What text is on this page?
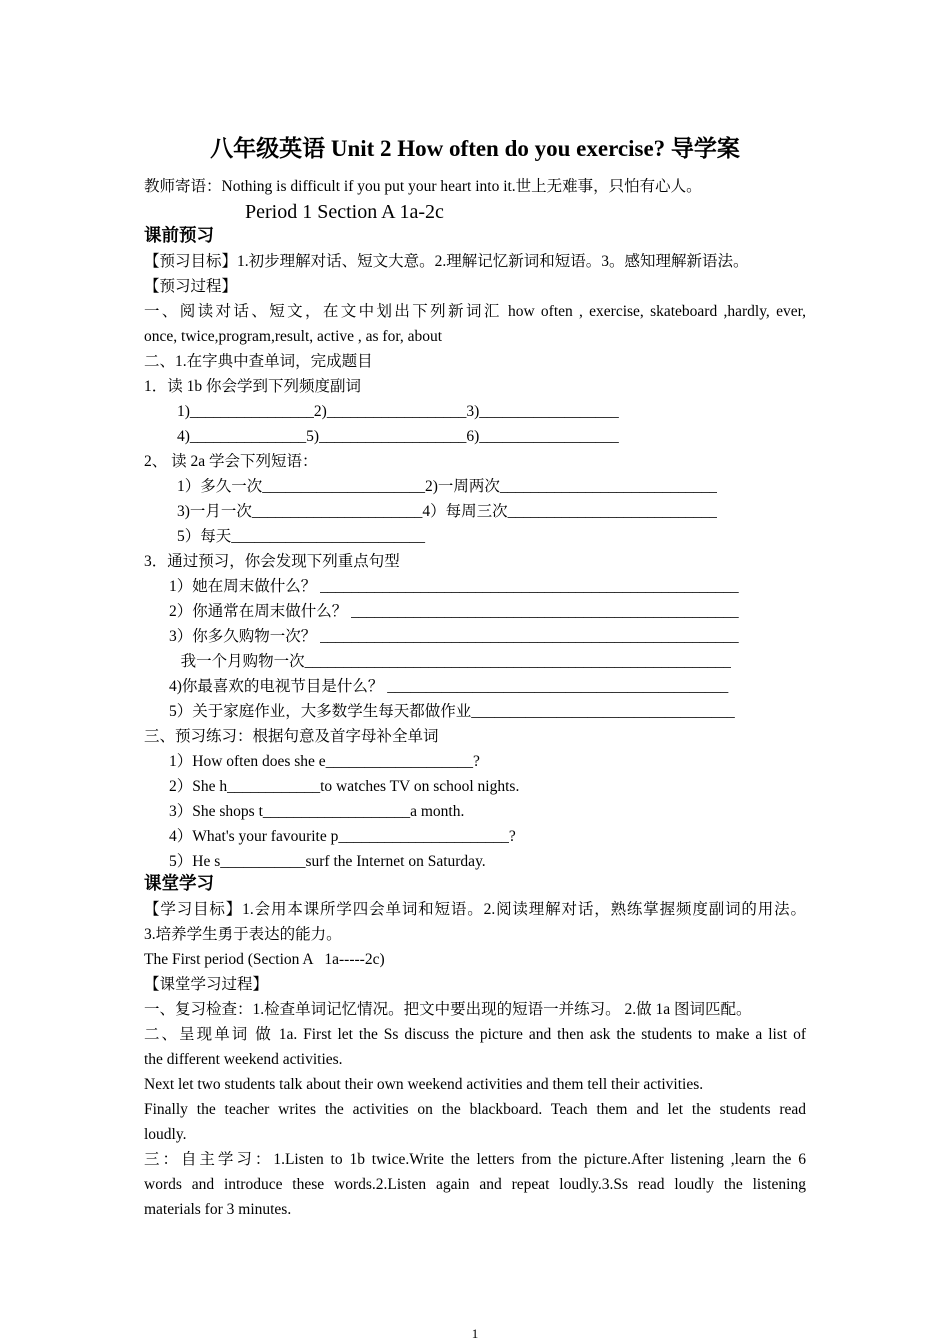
八年级英语 Unit 2 How often do you exercise? 导学案
教师寄语：Nothing is difficult if you put your heart into it.世上无难事，只怕有心人。
Period 1 Section A 1a-2c
课前预习
【预习目标】1.初步理解对话、短文大意。2.理解记忆新词和短语。3。感知理解新语法。
【预习过程】
一、阅读对话、短文，在文中划出下列新词汇 how often , exercise, skateboard ,hardly, ever,
once, twice,program,result, active , as for, about
二、1.在字典中查单词，完成题目
1．读 1b 你会学到下列频度副词
1)________________2)__________________3)__________________
4)_______________5)___________________6)__________________
2、 读 2a 学会下列短语：
1）多久一次_____________________2)一周两次____________________________
3)一月一次______________________4）每周三次___________________________
5）每天_________________________
3．通过预习，你会发现下列重点句型
1）她在周末做什么？ ______________________________________________________
2）你通常在周末做什么？ __________________________________________________
3）你多久购物一次？ ______________________________________________________
我一个月购物一次_______________________________________________________
4)你最喜欢的电视节目是什么？ ____________________________________________
5）关于家庭作业，大多数学生每天都做作业__________________________________
三、预习练习：根据句意及首字母补全单词
1）How often does she e___________________?
2）She h____________to watches TV on school nights.
3）She shops t___________________a month.
4）What's your favourite p______________________?
5）He s___________surf the Internet on Saturday.
课堂学习
【学习目标】1.会用本课所学四会单词和短语。2.阅读理解对话，熟练掌握频度副词的用法。
3.培养学生勇于表达的能力。
The First period (Section A   1a-----2c)
【课堂学习过程】
一、复习检查：1.检查单词记忆情况。把文中要出现的短语一并练习。 2.做 1a 图词匹配。
二、呈现单词 做 1a. First let the Ss discuss the picture and then ask the students to make a list of
the different weekend activities.
Next let two students talk about their own weekend activities and them tell their activities.
Finally the teacher writes the activities on the blackboard. Teach them and let the students read
loudly.
三：自主学习：1.Listen to 1b twice.Write the letters from the picture.After listening ,learn the 6
words and introduce these words.2.Listen again and repeat loudly.3.Ss read loudly the listening
materials for 3 minutes.
1
